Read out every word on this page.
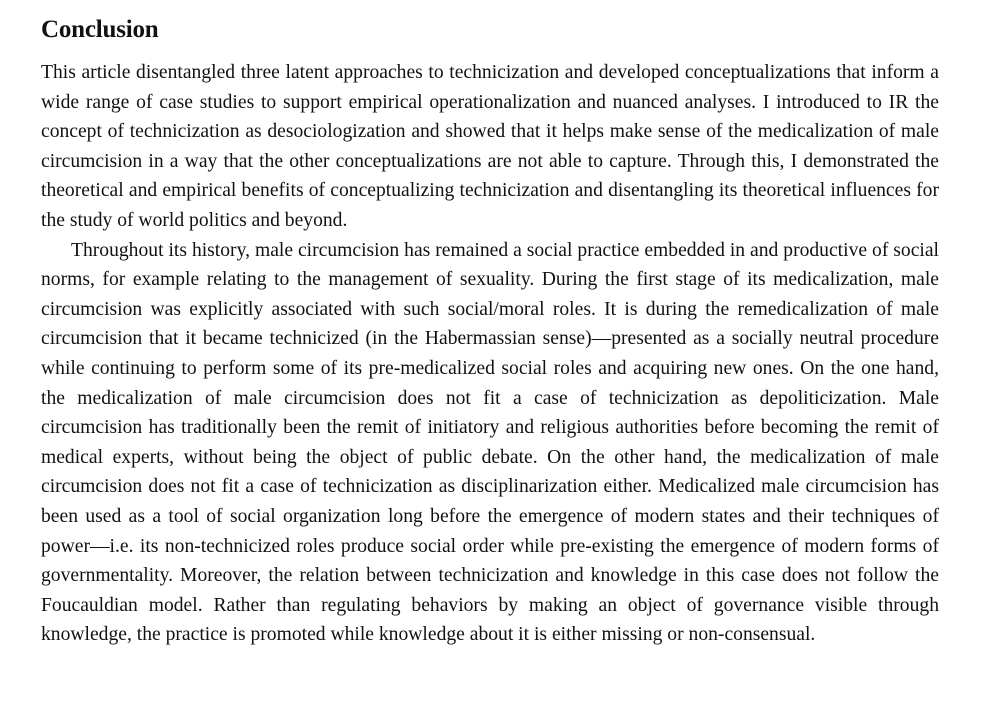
Conclusion

This article disentangled three latent approaches to technicization and developed conceptualizations that inform a wide range of case studies to support empirical operationalization and nuanced analyses. I introduced to IR the concept of technicization as desociologization and showed that it helps make sense of the medicalization of male circumcision in a way that the other conceptualizations are not able to capture. Through this, I demonstrated the theoretical and empirical benefits of conceptualizing technicization and disentangling its theoretical influences for the study of world politics and beyond.

Throughout its history, male circumcision has remained a social practice embedded in and productive of social norms, for example relating to the management of sexuality. During the first stage of its medicalization, male circumcision was explicitly associated with such social/moral roles. It is during the remedicalization of male circumcision that it became technicized (in the Habermassian sense)—presented as a socially neutral procedure while continuing to perform some of its pre-medicalized social roles and acquiring new ones. On the one hand, the medicalization of male circumcision does not fit a case of technicization as depoliticization. Male circumcision has traditionally been the remit of initiatory and religious authorities before becoming the remit of medical experts, without being the object of public debate. On the other hand, the medicalization of male circumcision does not fit a case of technicization as disciplinarization either. Medicalized male circumcision has been used as a tool of social organization long before the emergence of modern states and their techniques of power—i.e. its non-technicized roles produce social order while pre-existing the emergence of modern forms of governmentality. Moreover, the relation between technicization and knowledge in this case does not follow the Foucauldian model. Rather than regulating behaviors by making an object of governance visible through knowledge, the practice is promoted while knowledge about it is either missing or non-consensual.
